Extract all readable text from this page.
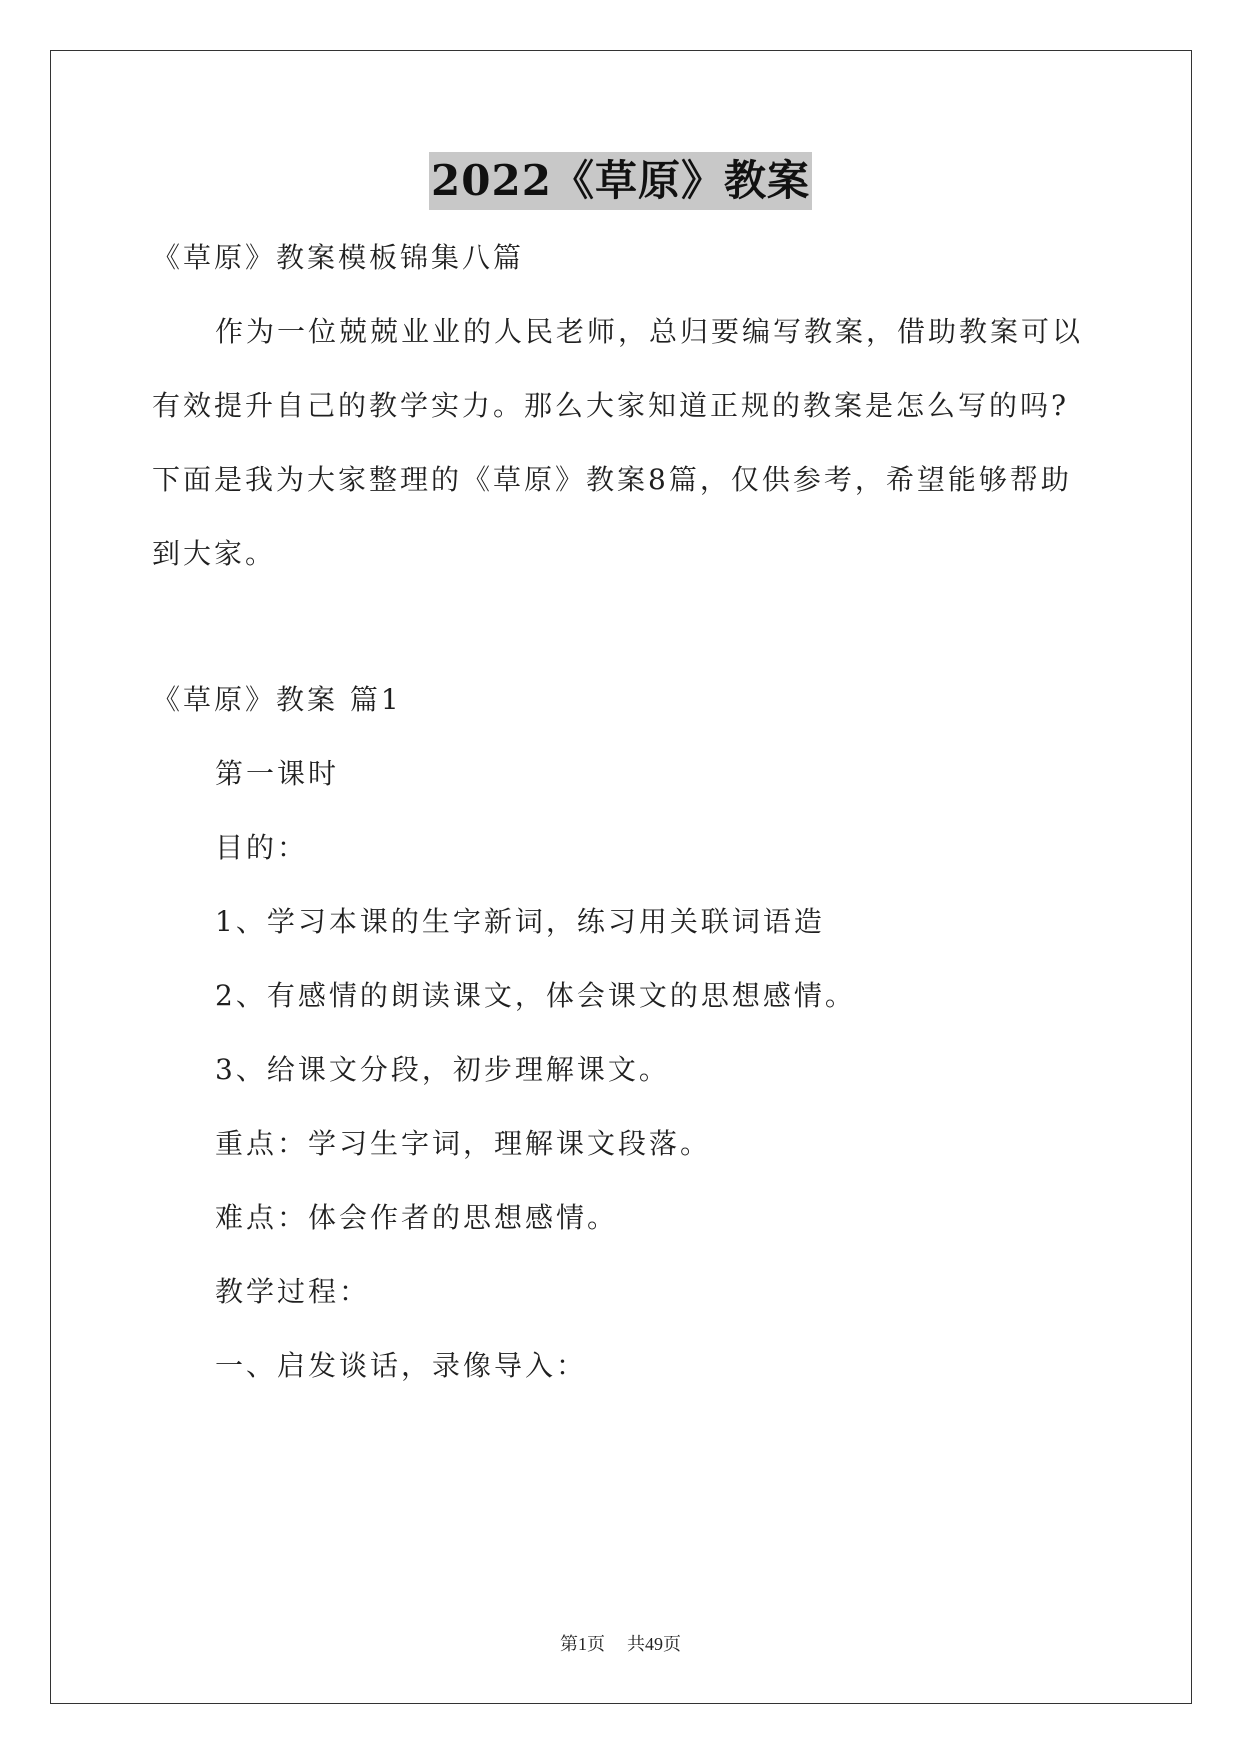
2022《草原》教案
《草原》教案模板锦集八篇
作为一位兢兢业业的人民老师，总归要编写教案，借助教案可以
有效提升自己的教学实力。那么大家知道正规的教案是怎么写的吗?
下面是我为大家整理的《草原》教案8篇，仅供参考，希望能够帮助
到大家。
《草原》教案 篇1
第一课时
目的：
1、学习本课的生字新词，练习用关联词语造
2、有感情的朗读课文，体会课文的思想感情。
3、给课文分段，初步理解课文。
重点：学习生字词，理解课文段落。
难点：体会作者的思想感情。
教学过程：
一、启发谈话，录像导入：
第1页 共49页
